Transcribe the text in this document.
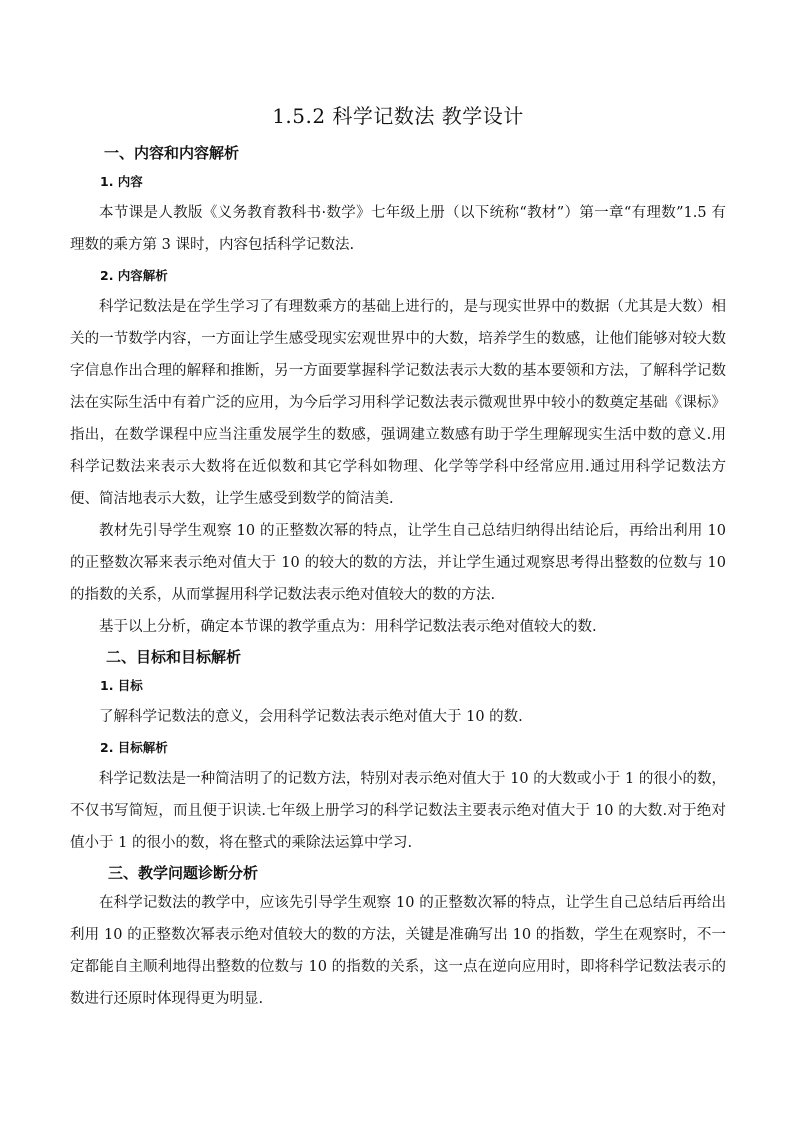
1.5.2 科学记数法 教学设计
一、内容和内容解析
1. 内容

本节课是人教版《义务教育教科书·数学》七年级上册（以下统称“教材”）第一章“有理数”1.5 有理数的乘方第 3 课时，内容包括科学记数法.

2. 内容解析

科学记数法是在学生学习了有理数乘方的基础上进行的，是与现实世界中的数据（尤其是大数）相关的一节数学内容，一方面让学生感受现实宏观世界中的大数，培养学生的数感，让他们能够对较大数字信息作出合理的解释和推断，另一方面要掌握科学记数法表示大数的基本要领和方法，了解科学记数法在实际生活中有着广泛的应用，为今后学习用科学记数法表示微观世界中较小的数奠定基础《课标》指出，在数学课程中应当注重发展学生的数感，强调建立数感有助于学生理解现实生活中数的意义.用科学记数法来表示大数将在近似数和其它学科如物理、化学等学科中经常应用.通过用科学记数法方便、简洁地表示大数，让学生感受到数学的简洁美.

教材先引导学生观察 10 的正整数次幂的特点，让学生自己总结归纳得出结论后，再给出利用 10 的正整数次幂来表示绝对值大于 10 的较大的数的方法，并让学生通过观察思考得出整数的位数与 10 的指数的关系，从而掌握用科学记数法表示绝对值较大的数的方法.

基于以上分析，确定本节课的教学重点为：用科学记数法表示绝对值较大的数.

二、目标和目标解析
1. 目标

了解科学记数法的意义，会用科学记数法表示绝对值大于 10 的数.

2. 目标解析

科学记数法是一种简洁明了的记数方法，特别对表示绝对值大于 10 的大数或小于 1 的很小的数，不仅书写简短，而且便于识读.七年级上册学习的科学记数法主要表示绝对值大于 10 的大数.对于绝对值小于 1 的很小的数，将在整式的乘除法运算中学习.

三、教学问题诊断分析

在科学记数法的教学中，应该先引导学生观察 10 的正整数次幂的特点，让学生自己总结后再给出利用 10 的正整数次幂表示绝对值较大的数的方法，关键是准确写出 10 的指数，学生在观察时，不一定都能自主顺利地得出整数的位数与 10 的指数的关系，这一点在逆向应用时，即将科学记数法表示的数进行还原时体现得更为明显.
